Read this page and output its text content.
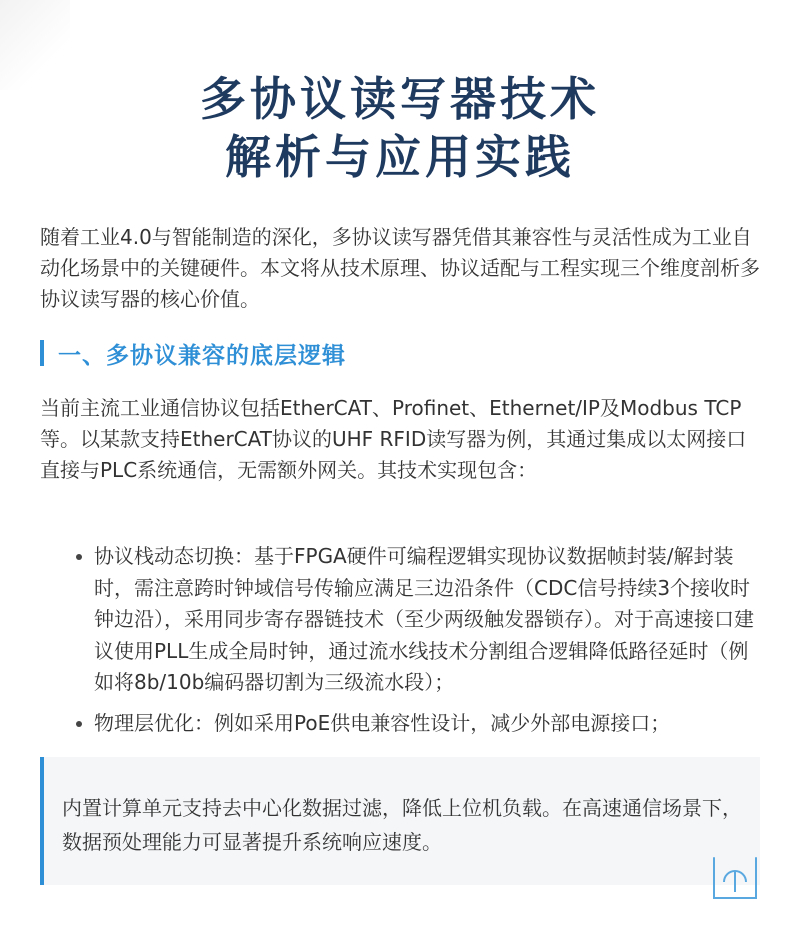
多协议读写器技术
解析与应用实践

随着工业4.0与智能制造的深化，多协议读写器凭借其兼容性与灵活性成为工业自动化场景中的关键硬件。本文将从技术原理、协议适配与工程实现三个维度剖析多协议读写器的核心价值。

一、多协议兼容的底层逻辑

当前主流工业通信协议包括EtherCAT、Profinet、Ethernet/IP及Modbus TCP等。以某款支持EtherCAT协议的UHF RFID读写器为例，其通过集成以太网接口直接与PLC系统通信，无需额外网关。其技术实现包含：

协议栈动态切换：基于FPGA硬件可编程逻辑实现协议数据帧封装/解封装时，需注意跨时钟域信号传输应满足三边沿条件（CDC信号持续3个接收时钟边沿），采用同步寄存器链技术（至少两级触发器锁存）。对于高速接口建议使用PLL生成全局时钟，通过流水线技术分割组合逻辑降低路径延时（例如将8b/10b编码器切割为三级流水段）；
物理层优化：例如采用PoE供电兼容性设计，减少外部电源接口；

内置计算单元支持去中心化数据过滤，降低上位机负载。在高速通信场景下，数据预处理能力可显著提升系统响应速度。
